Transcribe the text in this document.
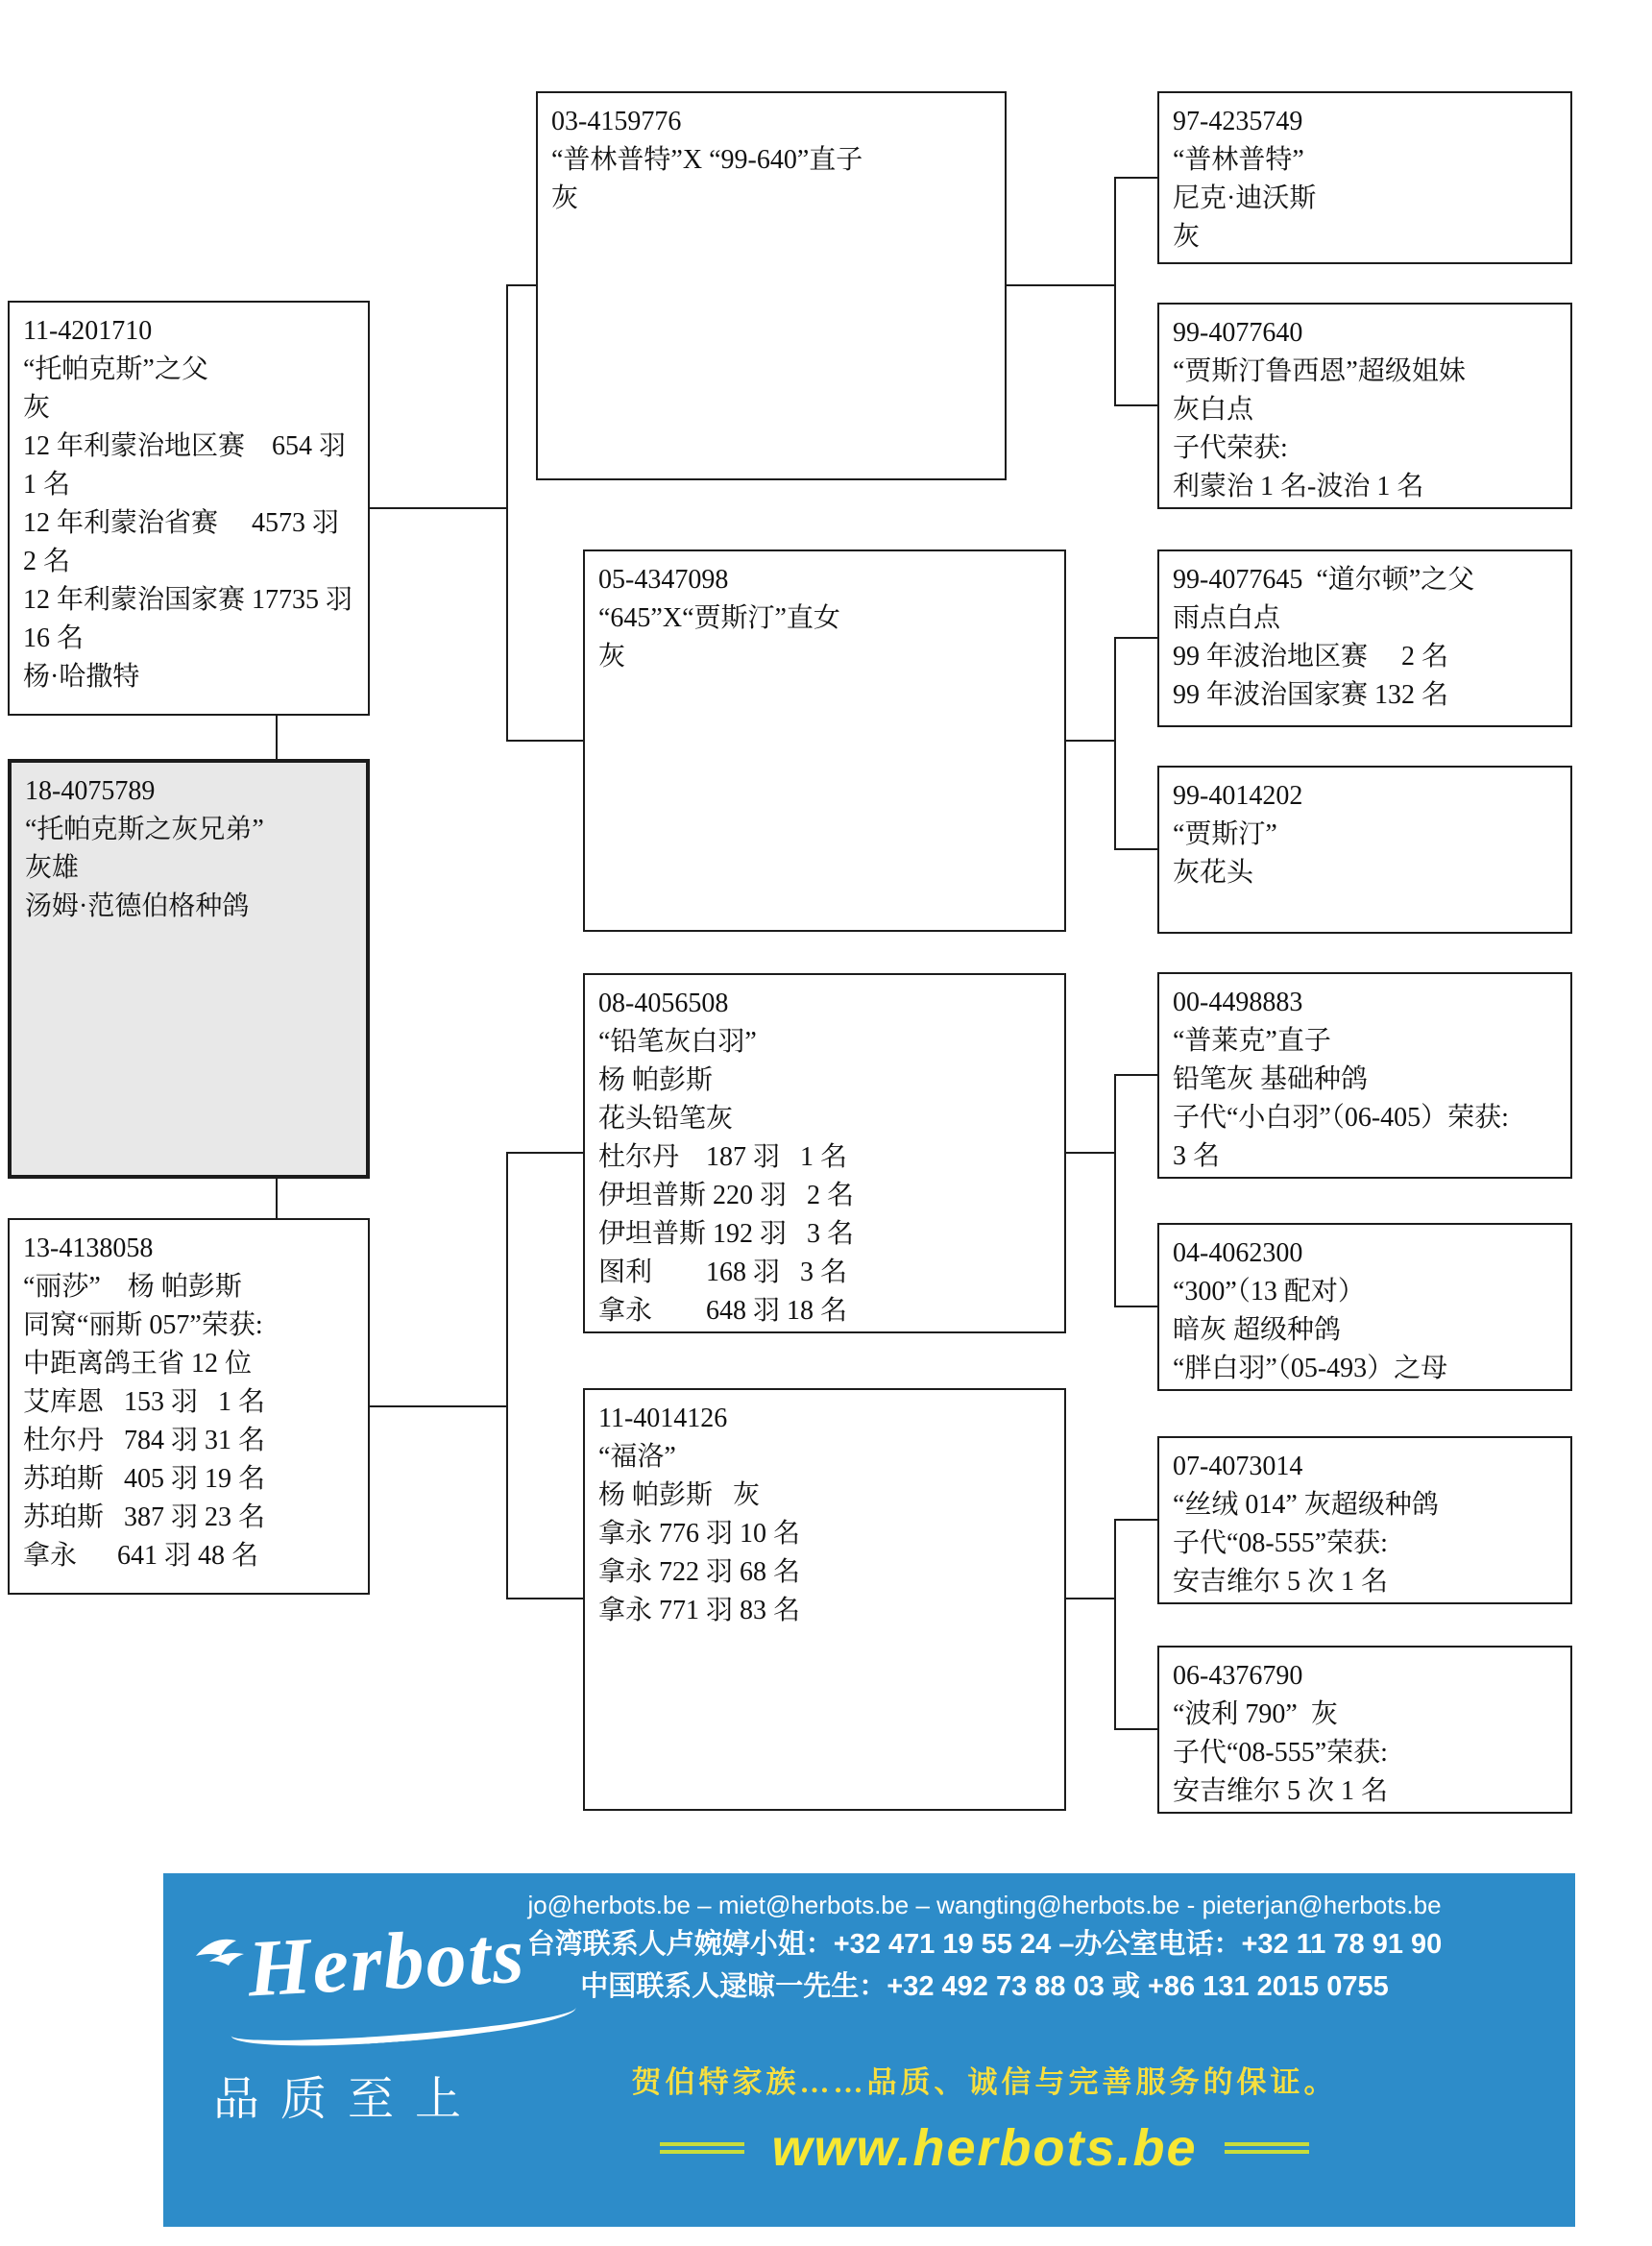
11-4201710
“托帕克斯”之父
灰
12 年利蒙治地区赛    654 羽   1 名
12 年利蒙治省赛     4573 羽   2 名
12 年利蒙治国家赛 17735 羽 16 名
杨·哈撒特
18-4075789
“托帕克斯之灰兄弟”
灰雄
汤姆·范德伯格种鸽
13-4138058
“丽莎”    杨 帕彭斯
同窝“丽斯 057”荣获:
中距离鸽王省 12 位
艾库恩   153 羽   1 名
杜尔丹   784 羽 31 名
苏珀斯   405 羽 19 名
苏珀斯   387 羽 23 名
拿永      641 羽 48 名
03-4159776
“普林普特”X “99-640”直子
灰
05-4347098
“645”X“贾斯汀”直女
灰
08-4056508
“铅笔灰白羽”
杨 帕彭斯
花头铅笔灰
杜尔丹    187 羽   1 名
伊坦普斯 220 羽   2 名
伊坦普斯 192 羽   3 名
图利        168 羽   3 名
拿永        648 羽 18 名
11-4014126
“福洛”
杨 帕彭斯   灰
拿永 776 羽 10 名
拿永 722 羽 68 名
拿永 771 羽 83 名
97-4235749
“普林普特”
尼克·迪沃斯
灰
99-4077640
“贾斯汀鲁西恩”超级姐妹
灰白点
子代荣获:
利蒙治 1 名-波治 1 名
99-4077645  “道尔顿”之父
雨点白点
99 年波治地区赛     2 名
99 年波治国家赛 132 名
99-4014202
“贾斯汀”
灰花头
00-4498883
“普莱克”直子
铅笔灰 基础种鸽
子代“小白羽”（06-405）荣获:
3 名
04-4062300
“300”（13 配对）
暗灰 超级种鸽
“胖白羽”（05-493）之母
07-4073014
“丝绒 014” 灰超级种鸽
子代“08-555”荣获:
安吉维尔 5 次 1 名
06-4376790
“波利 790”  灰
子代“08-555”荣获:
安吉维尔 5 次 1 名
Herbots
品质至上
jo@herbots.be – miet@herbots.be – wangting@herbots.be - pieterjan@herbots.be
台湾联系人卢婉婷小姐：+32 471 19 55 24 –办公室电话：+32 11 78 91 90
中国联系人逯晾一先生：+32 492 73 88 03 或 +86 131 2015 0755
贺伯特家族……品质、诚信与完善服务的保证。
www.herbots.be
